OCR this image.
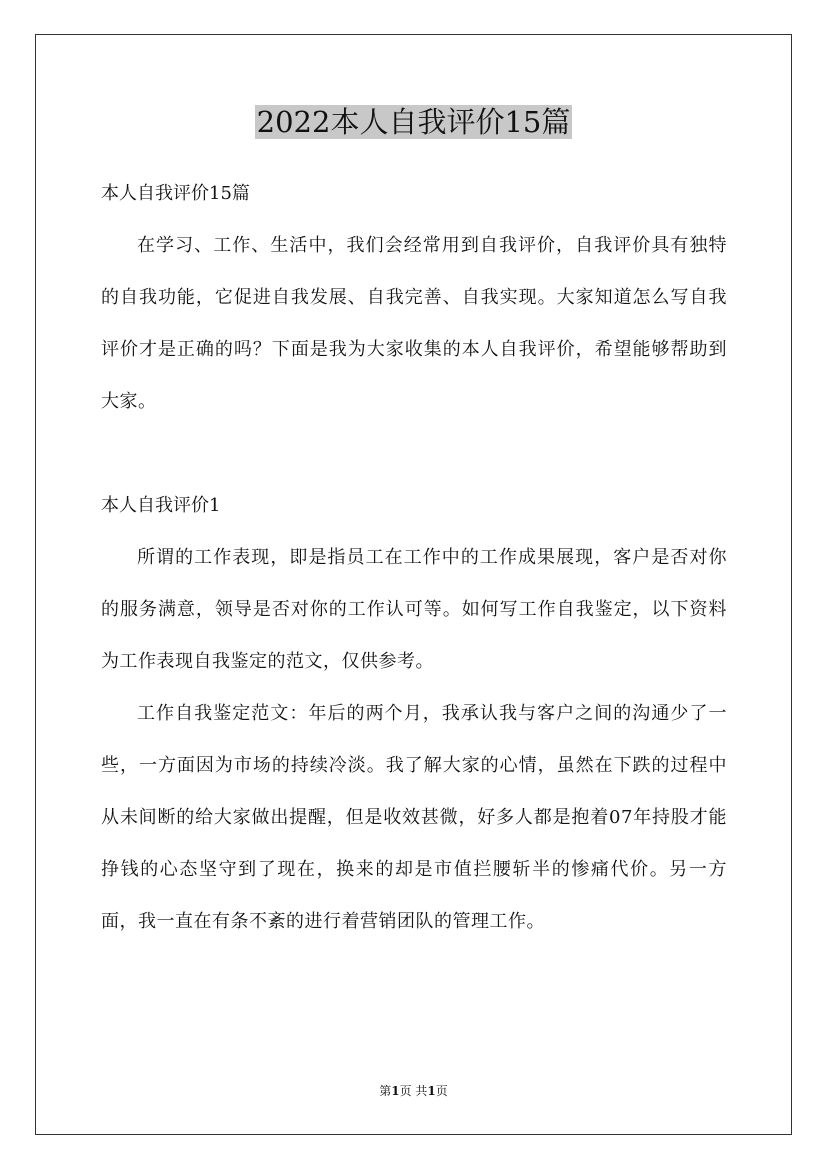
2022本人自我评价15篇

本人自我评价15篇

在学习、工作、生活中，我们会经常用到自我评价，自我评价具有独特的自我功能，它促进自我发展、自我完善、自我实现。大家知道怎么写自我评价才是正确的吗？下面是我为大家收集的本人自我评价，希望能够帮助到大家。

本人自我评价1

所谓的工作表现，即是指员工在工作中的工作成果展现，客户是否对你的服务满意，领导是否对你的工作认可等。如何写工作自我鉴定，以下资料为工作表现自我鉴定的范文，仅供参考。

工作自我鉴定范文：年后的两个月，我承认我与客户之间的沟通少了一些，一方面因为市场的持续冷淡。我了解大家的心情，虽然在下跌的过程中从未间断的给大家做出提醒，但是收效甚微，好多人都是抱着07年持股才能挣钱的心态坚守到了现在，换来的却是市值拦腰斩半的惨痛代价。另一方面，我一直在有条不紊的进行着营销团队的管理工作。

第1页 共1页
